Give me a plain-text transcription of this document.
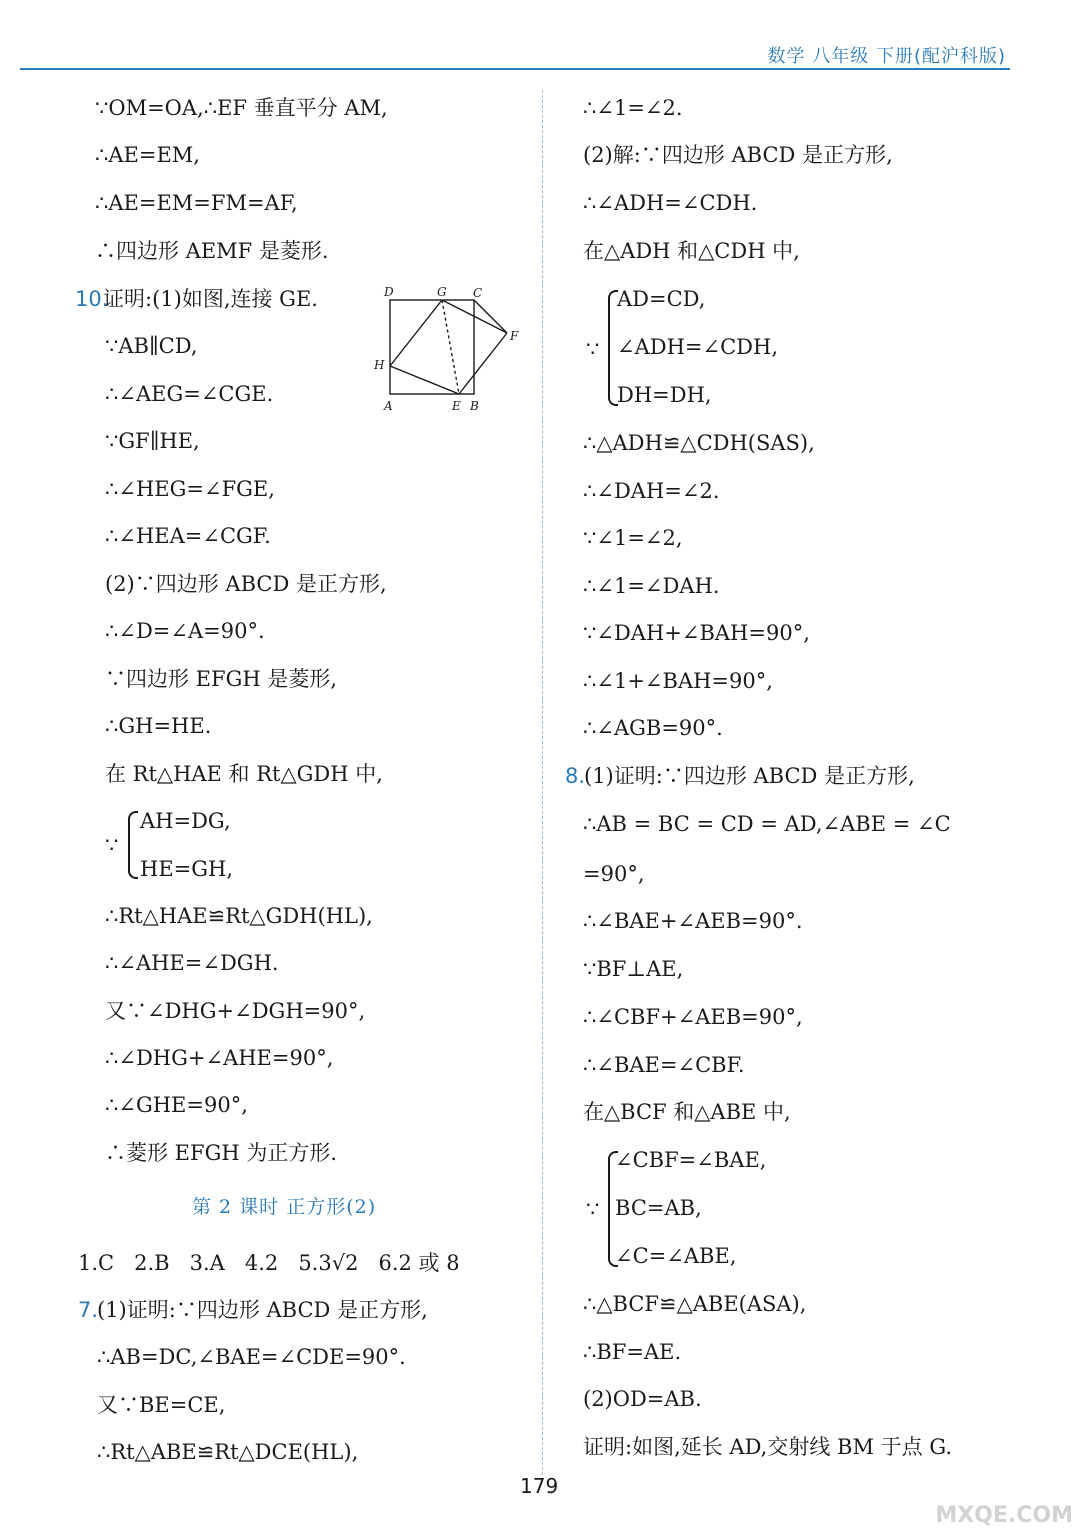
数学 八年级 下册(配沪科版)
∵OM=OA,∴EF 垂直平分 AM,
∴AE=EM,
∴AE=EM=FM=AF,
∴四边形 AEMF 是菱形.
10.
证明:(1)如图,连接 GE.
∵AB∥CD,
∴∠AEG=∠CGE.
∵GF∥HE,
∴∠HEG=∠FGE,
∴∠HEA=∠CGF.
(2)∵四边形 ABCD 是正方形,
∴∠D=∠A=90°.
∵四边形 EFGH 是菱形,
∴GH=HE.
在 Rt△HAE 和 Rt△GDH 中,
∵
AH=DG,
HE=GH,
∴Rt△HAE≌Rt△GDH(HL),
∴∠AHE=∠DGH.
又∵∠DHG+∠DGH=90°,
∴∠DHG+∠AHE=90°,
∴∠GHE=90°,
∴菱形 EFGH 为正方形.
第 2 课时 正方形(2)
1.C 2.B 3.A 4.2 5.3√2 6.2 或 8
7.
(1)证明:∵四边形 ABCD 是正方形,
∴AB=DC,∠BAE=∠CDE=90°.
又∵BE=CE,
∴Rt△ABE≌Rt△DCE(HL),
D	G C
F
H
A	E B
∴∠1=∠2.
(2)解:∵四边形 ABCD 是正方形,
∴∠ADH=∠CDH.
在△ADH 和△CDH 中,
∵
AD=CD,
∠ADH=∠CDH,
DH=DH,
∴△ADH≌△CDH(SAS),
∴∠DAH=∠2.
∵∠1=∠2,
∴∠1=∠DAH.
∵∠DAH+∠BAH=90°,
∴∠1+∠BAH=90°,
∴∠AGB=90°.
8.
(1)证明:∵四边形 ABCD 是正方形,
∴AB = BC = CD = AD,∠ABE = ∠C
=90°,
∴∠BAE+∠AEB=90°.
∵BF⊥AE,
∴∠CBF+∠AEB=90°,
∴∠BAE=∠CBF.
在△BCF 和△ABE 中,
∵
∠CBF=∠BAE,
BC=AB,
∠C=∠ABE,
∴△BCF≌△ABE(ASA),
∴BF=AE.
(2)OD=AB.
证明:如图,延长 AD,交射线 BM 于点 G.
179
MXQE.COM
